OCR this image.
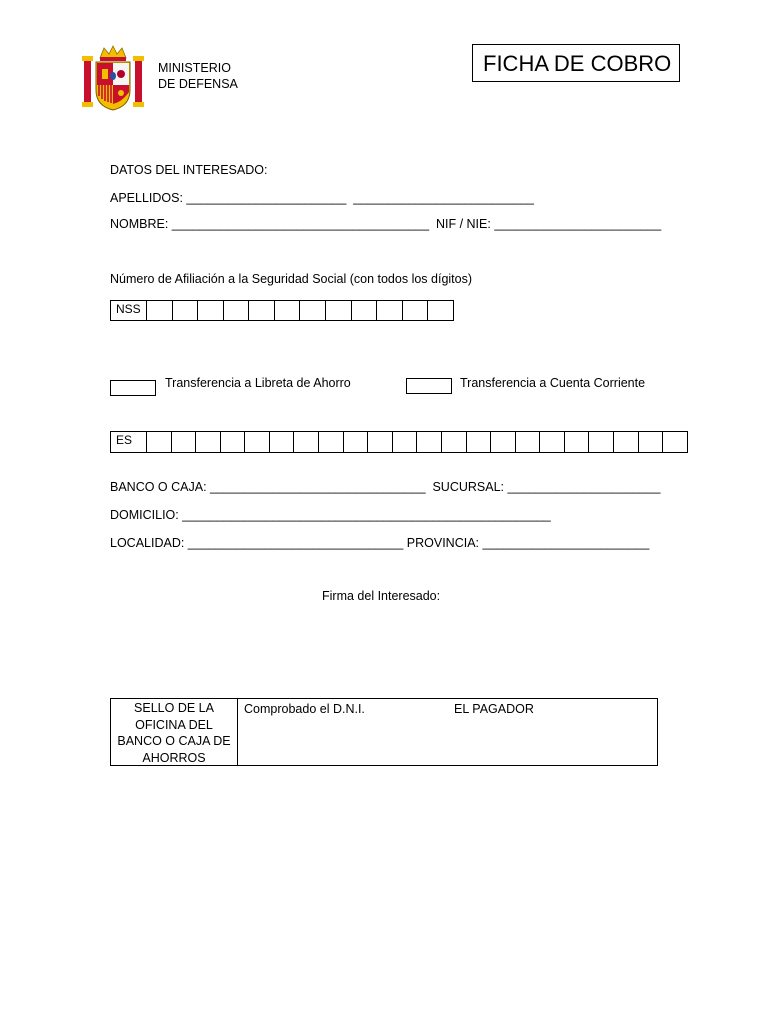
MINISTERIO
DE DEFENSA
FICHA DE COBRO
DATOS DEL INTERESADO:
APELLIDOS: _______________________  __________________________
NOMBRE: _____________________________________  NIF / NIE: ________________________
Número de Afiliación a la Seguridad Social (con todos los dígitos)
NSS
Transferencia a Libreta de Ahorro	Transferencia a Cuenta Corriente
ES
BANCO O CAJA: _______________________________  SUCURSAL: ______________________
DOMICILIO: _____________________________________________________
LOCALIDAD: _______________________________ PROVINCIA: ________________________
Firma del Interesado:
SELLO DE LA
OFICINA DEL
BANCO O CAJA DE
AHORROS
Comprobado el D.N.I.	EL PAGADOR
